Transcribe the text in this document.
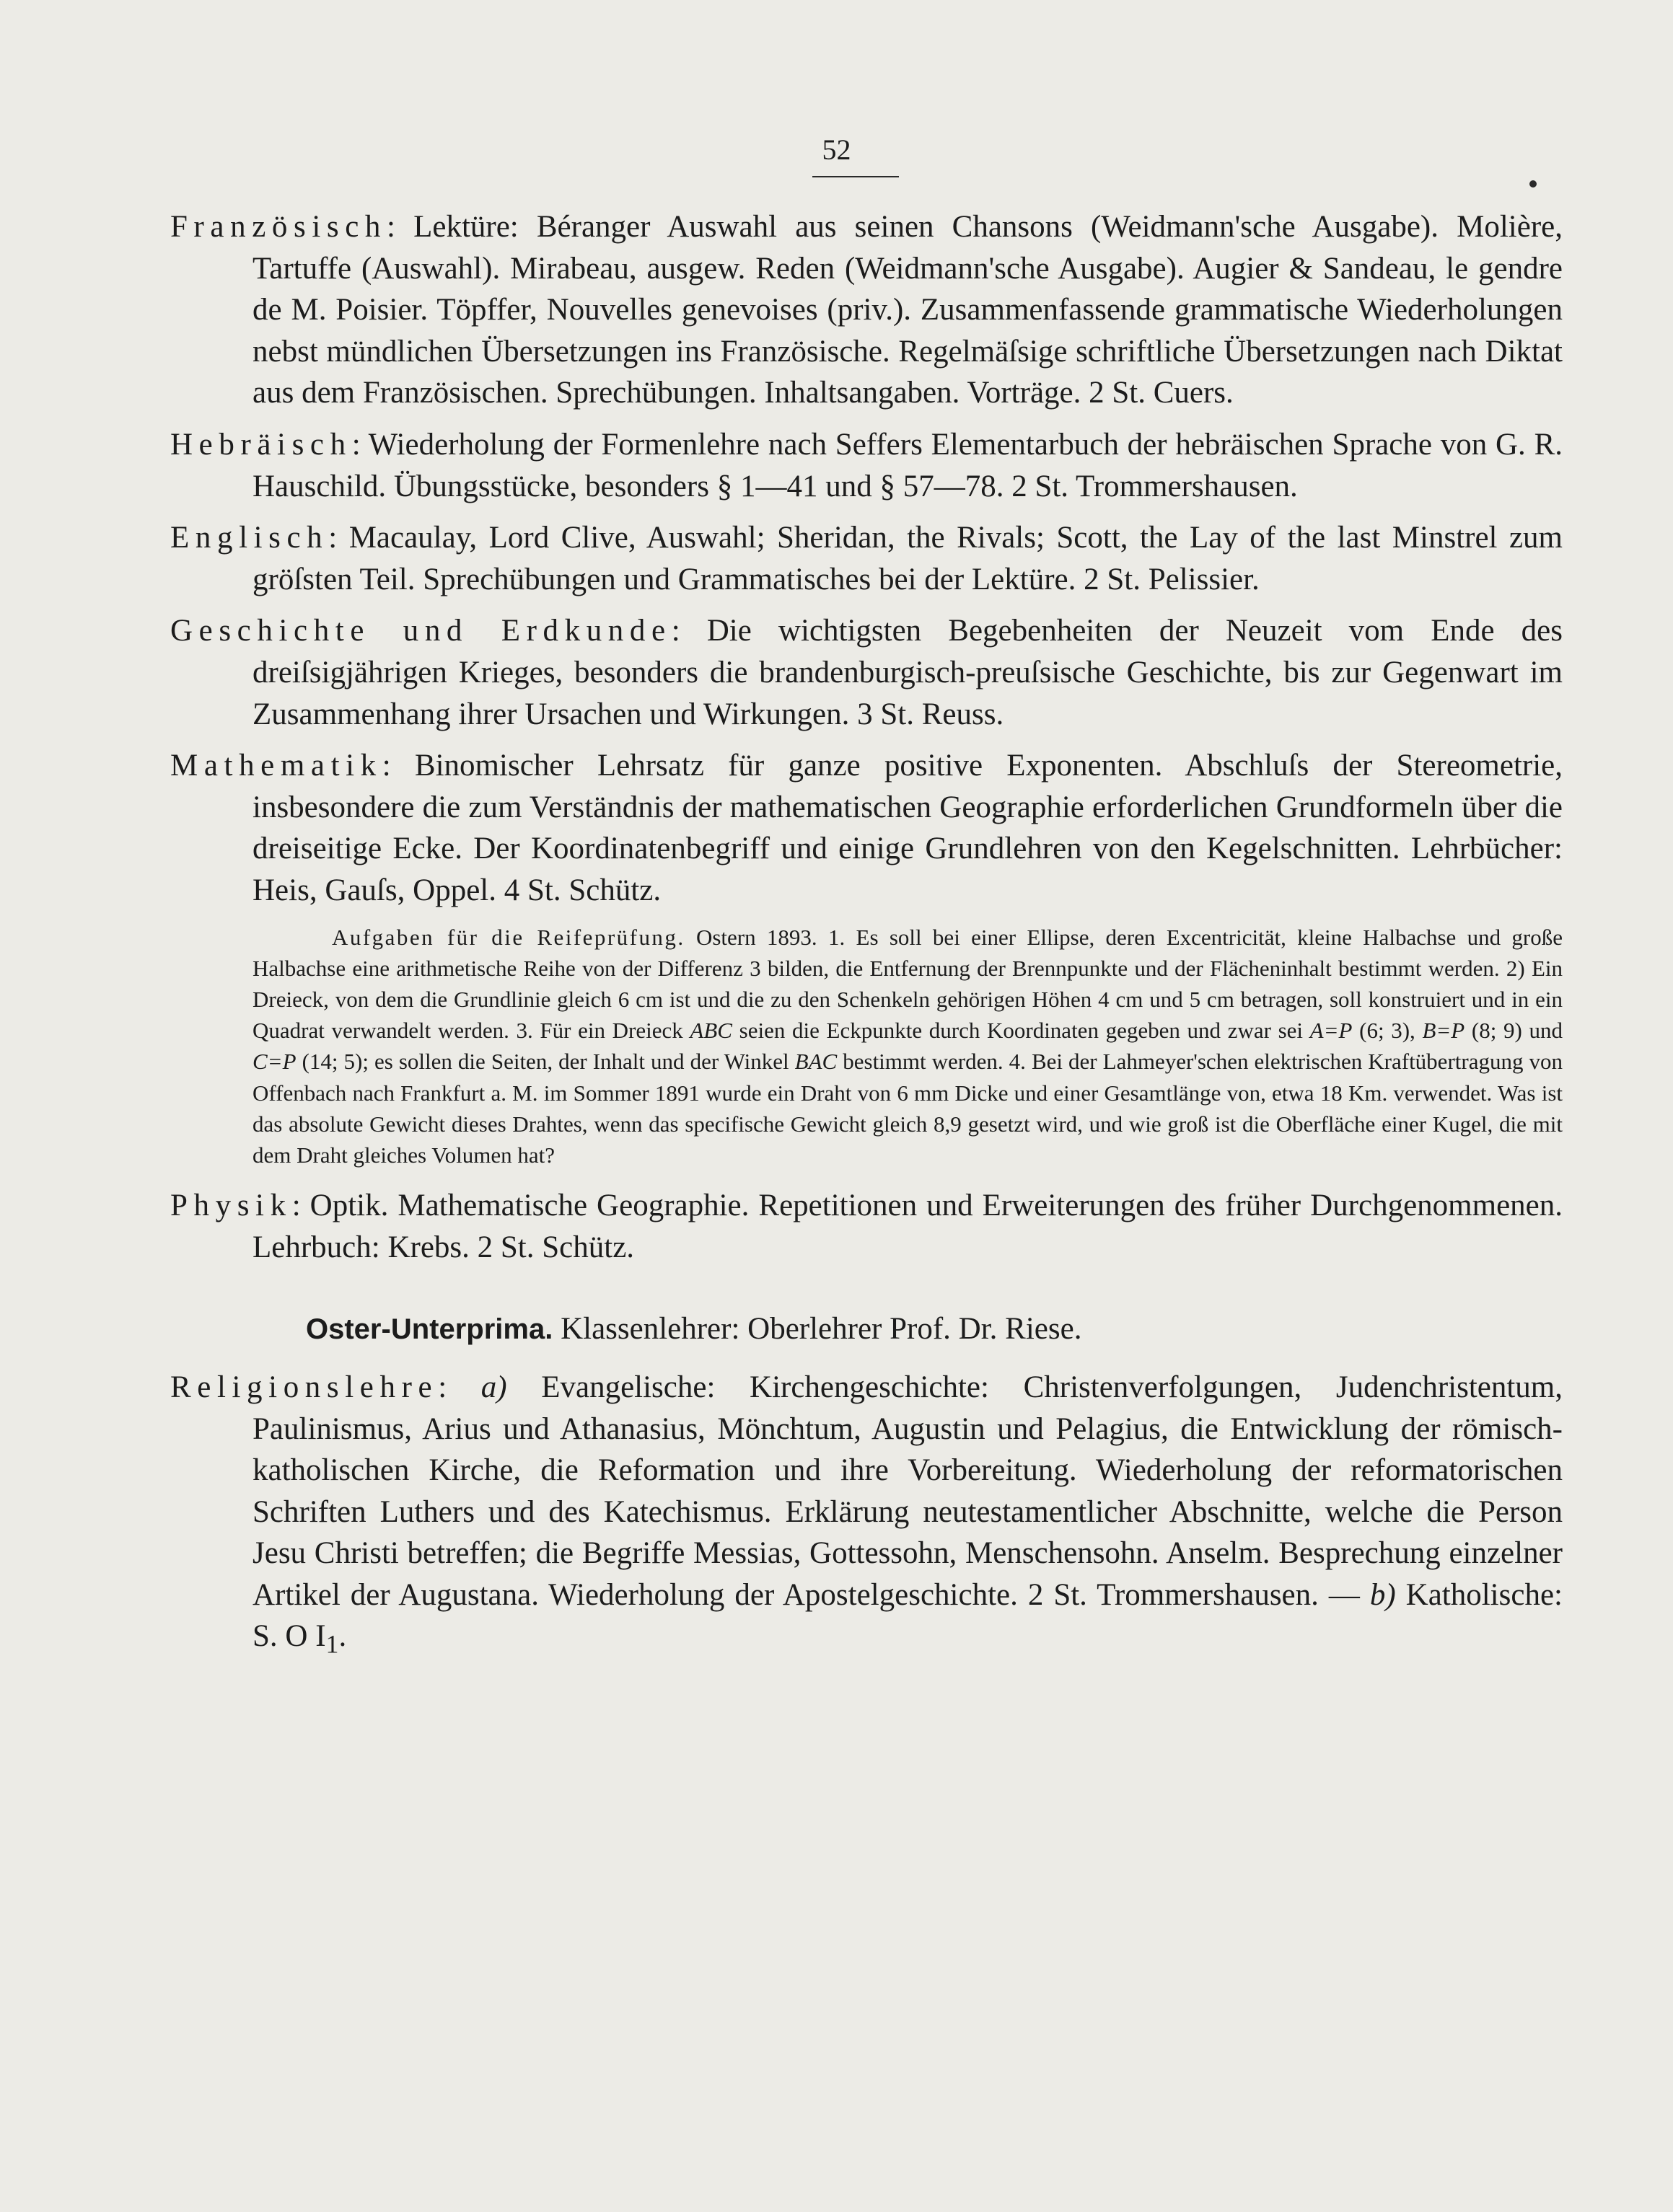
52

Französisch: Lektüre: Béranger Auswahl aus seinen Chansons (Weidmann'sche Ausgabe). Molière, Tartuffe (Auswahl). Mirabeau, ausgew. Reden (Weidmann'sche Ausgabe). Augier & Sandeau, le gendre de M. Poisier. Töpffer, Nouvelles genevoises (priv.). Zusammenfassende grammatische Wiederholungen nebst mündlichen Übersetzungen ins Französische. Regelmäſsige schriftliche Übersetzungen nach Diktat aus dem Französischen. Sprechübungen. Inhaltsangaben. Vorträge. 2 St. Cuers.

Hebräisch: Wiederholung der Formenlehre nach Seffers Elementarbuch der hebräischen Sprache von G. R. Hauschild. Übungsstücke, besonders § 1—41 und § 57—78. 2 St. Trommershausen.

Englisch: Macaulay, Lord Clive, Auswahl; Sheridan, the Rivals; Scott, the Lay of the last Minstrel zum gröſsten Teil. Sprechübungen und Grammatisches bei der Lektüre. 2 St. Pelissier.

Geschichte und Erdkunde: Die wichtigsten Begebenheiten der Neuzeit vom Ende des dreiſsigjährigen Krieges, besonders die brandenburgisch-preuſsische Geschichte, bis zur Gegenwart im Zusammenhang ihrer Ursachen und Wirkungen. 3 St. Reuss.

Mathematik: Binomischer Lehrsatz für ganze positive Exponenten. Abschluſs der Stereometrie, insbesondere die zum Verständnis der mathematischen Geographie erforderlichen Grundformeln über die dreiseitige Ecke. Der Koordinatenbegriff und einige Grundlehren von den Kegelschnitten. Lehrbücher: Heis, Gauſs, Oppel. 4 St. Schütz.

Aufgaben für die Reifeprüfung. Ostern 1893. 1. Es soll bei einer Ellipse, deren Excentricität, kleine Halbachse und große Halbachse eine arithmetische Reihe von der Differenz 3 bilden, die Entfernung der Brennpunkte und der Flächeninhalt bestimmt werden. 2) Ein Dreieck, von dem die Grundlinie gleich 6 cm ist und die zu den Schenkeln gehörigen Höhen 4 cm und 5 cm betragen, soll konstruiert und in ein Quadrat verwandelt werden. 3. Für ein Dreieck ABC seien die Eckpunkte durch Koordinaten gegeben und zwar sei A=P (6; 3), B=P (8; 9) und C=P (14; 5); es sollen die Seiten, der Inhalt und der Winkel BAC bestimmt werden. 4. Bei der Lahmeyer'schen elektrischen Kraftübertragung von Offenbach nach Frankfurt a. M. im Sommer 1891 wurde ein Draht von 6 mm Dicke und einer Gesamtlänge von, etwa 18 Km. verwendet. Was ist das absolute Gewicht dieses Drahtes, wenn das specifische Gewicht gleich 8,9 gesetzt wird, und wie groß ist die Oberfläche einer Kugel, die mit dem Draht gleiches Volumen hat?

Physik: Optik. Mathematische Geographie. Repetitionen und Erweiterungen des früher Durchgenommenen. Lehrbuch: Krebs. 2 St. Schütz.

Oster-Unterprima. Klassenlehrer: Oberlehrer Prof. Dr. Riese.

Religionslehre: a) Evangelische: Kirchengeschichte: Christenverfolgungen, Judenchristentum, Paulinismus, Arius und Athanasius, Mönchtum, Augustin und Pelagius, die Entwicklung der römisch-katholischen Kirche, die Reformation und ihre Vorbereitung. Wiederholung der reformatorischen Schriften Luthers und des Katechismus. Erklärung neutestamentlicher Abschnitte, welche die Person Jesu Christi betreffen; die Begriffe Messias, Gottessohn, Menschensohn. Anselm. Besprechung einzelner Artikel der Augustana. Wiederholung der Apostelgeschichte. 2 St. Trommershausen. — b) Katholische: S. O $I_1$.
